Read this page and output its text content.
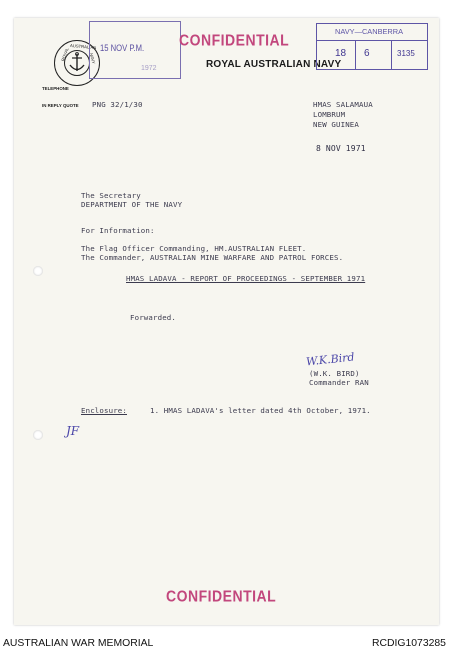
ROYAL
AUSTRALIAN
NAVY
15 NOV P.M.
1972
CONFIDENTIAL
ROYAL AUSTRALIAN NAVY
NAVY—CANBERRA
18 6	3135
TELEPHONE
IN REPLY QUOTE PNG 32/1/30	HMAS SALAMAUA
LOMBRUM
NEW GUINEA
8 NOV 1971
The Secretary
DEPARTMENT OF THE NAVY
For Information:
The Flag Officer Commanding, HM.AUSTRALIAN FLEET.
The Commander, AUSTRALIAN MINE WARFARE AND PATROL FORCES.
HMAS LADAVA - REPORT OF PROCEEDINGS - SEPTEMBER 1971
Forwarded.
W.K.Bird
(W.K. BIRD)
Commander RAN
Enclosure:	1. HMAS LADAVA's letter dated 4th October, 1971.
JF
CONFIDENTIAL
AUSTRALIAN WAR MEMORIAL	RCDIG1073285
